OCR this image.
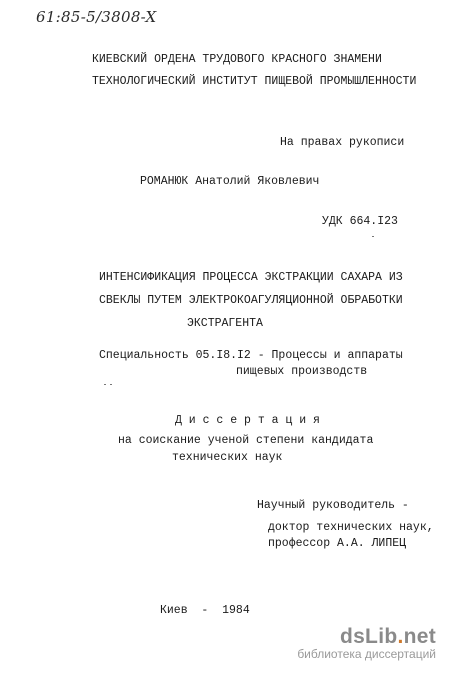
61:85-5/3808-X
КИЕВСКИЙ ОРДЕНА ТРУДОВОГО КРАСНОГО ЗНАМЕНИ
ТЕХНОЛОГИЧЕСКИЙ ИНСТИТУТ ПИЩЕВОЙ ПРОМЫШЛЕННОСТИ
На правах рукописи
РОМАНЮК Анатолий Яковлевич
УДК 664.I23
ИНТЕНСИФИКАЦИЯ ПРОЦЕССА ЭКСТРАКЦИИ САХАРА ИЗ
СВЕКЛЫ ПУТЕМ ЭЛЕКТРОКОАГУЛЯЦИОННОЙ ОБРАБОТКИ
ЭКСТРАГЕНТА
Специальность 05.I8.I2 - Процессы и аппараты
пищевых производств
Д и с с е р т а ц и я
на соискание ученой степени кандидата
технических наук
Научный руководитель -
доктор технических наук,
профессор А.А. ЛИПЕЦ
Киев  -  1984
dsLib.net
библиотека диссертаций
